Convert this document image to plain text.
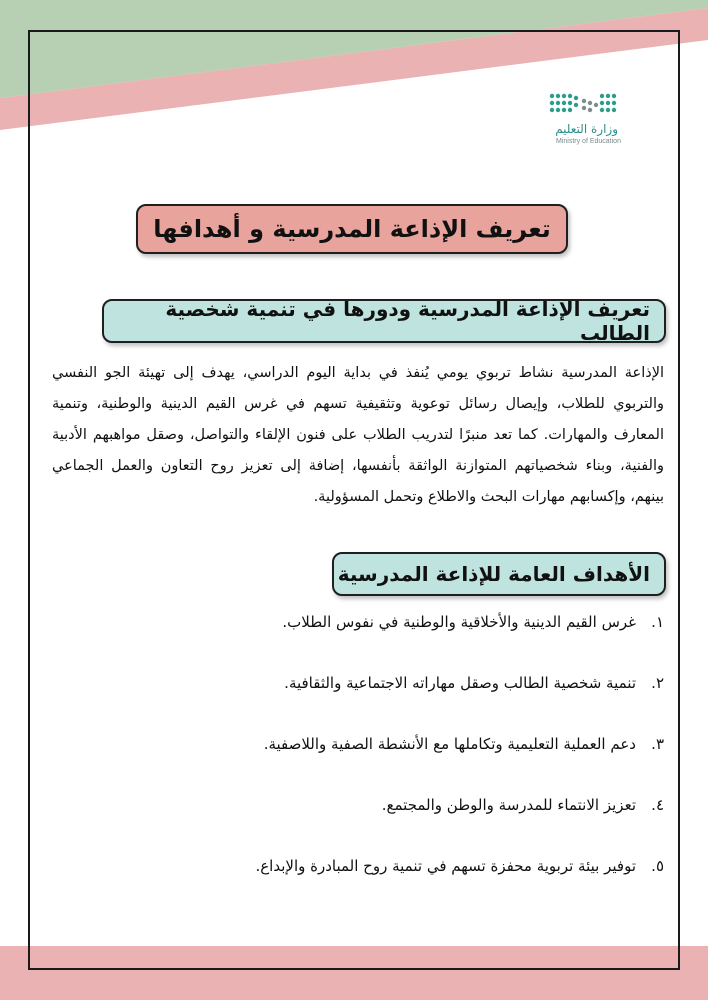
وزارة التعليم
Ministry of Education
تعريف الإذاعة المدرسية و أهدافها
تعريف الإذاعة المدرسية ودورها في تنمية شخصية الطالب

الإذاعة المدرسية نشاط تربوي يومي يُنفذ في بداية اليوم الدراسي، يهدف إلى تهيئة الجو النفسي والتربوي للطلاب، وإيصال رسائل توعوية وتثقيفية تسهم في غرس القيم الدينية والوطنية، وتنمية المعارف والمهارات. كما تعد منبرًا لتدريب الطلاب على فنون الإلقاء والتواصل، وصقل مواهبهم الأدبية والفنية، وبناء شخصياتهم المتوازنة الواثقة بأنفسها، إضافة إلى تعزيز روح التعاون والعمل الجماعي بينهم، وإكسابهم مهارات البحث والاطلاع وتحمل المسؤولية.

الأهداف العامة للإذاعة المدرسية
١.
غرس القيم الدينية والأخلاقية والوطنية في نفوس الطلاب.
٢.
تنمية شخصية الطالب وصقل مهاراته الاجتماعية والثقافية.
٣.
دعم العملية التعليمية وتكاملها مع الأنشطة الصفية واللاصفية.
٤.
تعزيز الانتماء للمدرسة والوطن والمجتمع.
٥.
توفير بيئة تربوية محفزة تسهم في تنمية روح المبادرة والإبداع.
